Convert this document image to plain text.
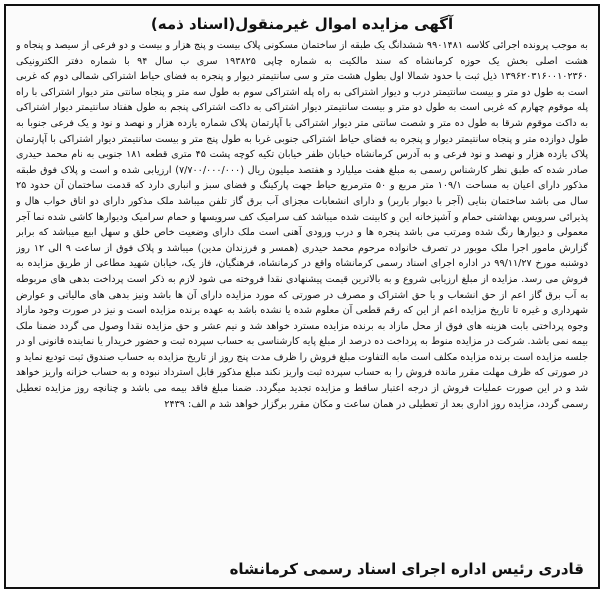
آگهی مزایده اموال غیرمنقول(اسناد ذمه)
به موجب پرونده اجرائی کلاسه ۹۹۰۱۴۸۱ ششدانگ یک طبقه از ساختمان مسکونی پلاک بیست و پنج هزار و بیست و دو فرعی از سیصد و پنجاه و هشت اصلی بخش یک حوزه کرمانشاه که سند مالکیت به شماره چاپی ۱۹۳۸۲۵ سری ب سال ۹۴ با شماره دفتر الکترونیکی ۱۳۹۶۲۰۳۱۶۰۰۱۰۲۳۶۰ ذیل ثبت با حدود شمالا اول بطول هشت متر و سی سانتیمتر دیوار و پنجره به فضای حیاط اشتراکی شمالی دوم که غربی است به طول دو متر و بیست سانتیمتر درب و دیوار اشتراکی به راه پله اشتراکی سوم به طول سه متر و پنجاه سانتی متر دیوار اشتراکی با راه پله موقوم چهارم که غربی است به طول دو متر و بیست سانتیمتر دیوار اشتراکی به داکت اشتراکی پنجم به طول هفتاد سانتیمتر دیوار اشتراکی به داکت موقوم شرقا به طول ده متر و شصت سانتی متر دیوار اشتراکی با آپارتمان پلاک شماره یازده هزار و نهصد و نود و یک فرعی جنوبا به طول دوازده متر و پنجاه سانتیمتر دیوار و پنجره به فضای حیاط اشتراکی جنوبی غربا به طول پنج متر و بیست سانتیمتر دیوار اشتراکی با آپارتمان پلاک یازده هزار و نهصد و نود فرعی و به آدرس کرمانشاه خیابان ظفر خیابان تکیه کوچه پشت ۴۵ متری قطعه ۱۸۱ جنوبی به نام محمد حیدری صادر شده که طبق نظر کارشناس رسمی به مبلغ هفت میلیارد و هفتصد میلیون ریال (۷/۷۰۰/۰۰۰/۰۰۰) ارزیابی شده و است و پلاک فوق طبقه مذکور دارای اعیان به مساحت ۱۰۹/۱ متر مربع و ۵۰ مترمربع حیاط جهت پارکینگ و فضای سبز و انباری دارد که قدمت ساختمان آن حدود ۲۵ سال می باشد ساختمان بنایی (آجر با دیوار باربر) و دارای انشعابات مجزای آب برق گاز تلفن میباشد ملک مذکور دارای دو اتاق خواب هال و پذیرائی سرویس بهداشتی حمام و آشپزخانه این و کابینت شده میباشد کف سرامیک کف سرویسها و حمام سرامیک ودیوارها کاشی شده نما آجر معمولی و دیوارها رنگ شده ومرتب می باشد پنجره ها و درب ورودی آهنی است ملک دارای وضعیت خاص خلق و سهل ابیع میباشد که برابر گزارش مامور اجرا ملک موبور در تصرف خانواده مرحوم محمد حیدری (همسر و فرزندان مدین) میباشد و پلاک فوق از ساعت ۹ الی ۱۲ روز دوشنبه مورخ ۹۹/۱۱/۲۷ در اداره اجرای اسناد رسمی کرمانشاه واقع در کرمانشاه، فرهنگیان، فاز یک، خیابان شهید مطاعی از طریق مزایده به فروش می رسد. مزایده از مبلغ ارزیابی شروع و به بالاترین قیمت پیشنهادی نقدا فروخته می شود لازم به ذکر است پرداخت بدهی های مربوطه به آب برق گاز اعم از حق انشعاب و یا حق اشتراک و مصرف در صورتی که مورد مزایده دارای آن ها باشد ونیز بدهی های مالیاتی و عوارض شهرداری و غیره تا تاریخ مزایده اعم از این که رقم قطعی آن معلوم شده یا نشده باشد به عهده برنده مزایده است و نیز در صورت وجود مازاد وجوه پرداختی بابت هزینه های فوق از محل مازاد به برنده مزایده مسترد خواهد شد و نیم عشر و حق مزایده نقدا وصول می گردد ضمنا ملک بیمه نمی باشد. شرکت در مزایده منوط به پرداخت ده درصد از مبلغ پایه کارشناسی به حساب سپرده ثبت و حضور خریدار یا نماینده قانونی او در جلسه مزایده است برنده مزایده مکلف است مابه التفاوت مبلغ فروش را ظرف مدت پنج روز از تاریخ مزایده به حساب صندوق ثبت تودیع نماید و در صورتی که ظرف مهلت مقرر مانده فروش را به حساب سپرده ثبت واریز نکند مبلغ مذکور قابل استرداد نبوده و به حساب خزانه واریز خواهد شد و در این صورت عملیات فروش از درجه اعتبار ساقط و مزایده تجدید میگردد. ضمنا مبلغ فاقد بیمه می باشد و چنانچه روز مزایده تعطیل رسمی گردد، مزایده روز اداری بعد از تعطیلی در همان ساعت و مکان مقرر برگزار خواهد شد م الف: ۲۴۳۹
قادری رئیس اداره اجرای اسناد رسمی کرمانشاه
